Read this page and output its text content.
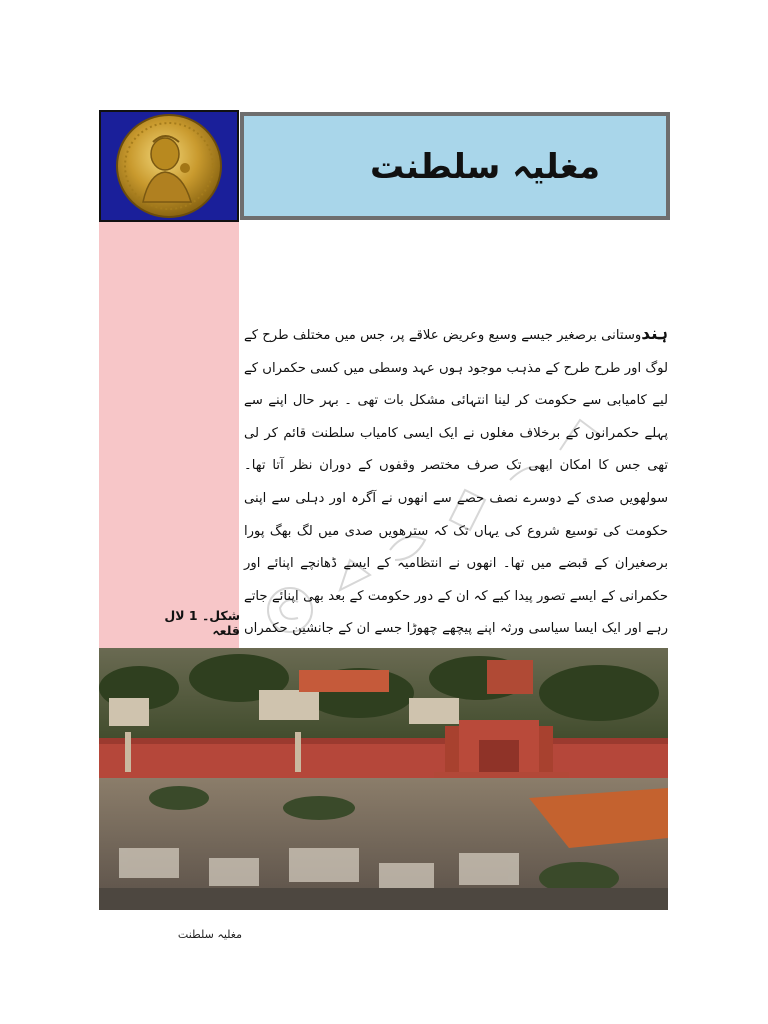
مغلیہ سلطنت

ہندوستانی برصغیر جیسے وسیع وعریض علاقے پر، جس میں مختلف طرح کے لوگ اور طرح طرح کے مذہب موجود ہوں عہد وسطی میں کسی حکمراں کے لیے کامیابی سے حکومت کر لینا انتہائی مشکل بات تھی ۔ بہر حال اپنے سے پہلے حکمرانوں کے برخلاف مغلوں نے ایک ایسی کامیاب سلطنت قائم کر لی تھی جس کا امکان ابھی تک صرف مختصر وقفوں کے دوران نظر آتا تھا۔ سولھویں صدی کے دوسرے نصف حصے سے انھوں نے آگرہ اور دہلی سے اپنی حکومت کی توسیع شروع کی یہاں تک کہ سترھویں صدی میں لگ بھگ پورا برصغیران کے قبضے میں تھا۔ انھوں نے انتظامیہ کے ایسے ڈھانچے اپنائے اور حکمرانی کے ایسے تصور پیدا کیے کہ ان کے دور حکومت کے بعد بھی اپنائے جاتے رہے اور ایک ایسا سیاسی ورثہ اپنے پیچھے چھوڑا جسے ان کے جانشین حکمراں

شکل۔ 1 لال قلعہ
مغلیہ سلطنت
